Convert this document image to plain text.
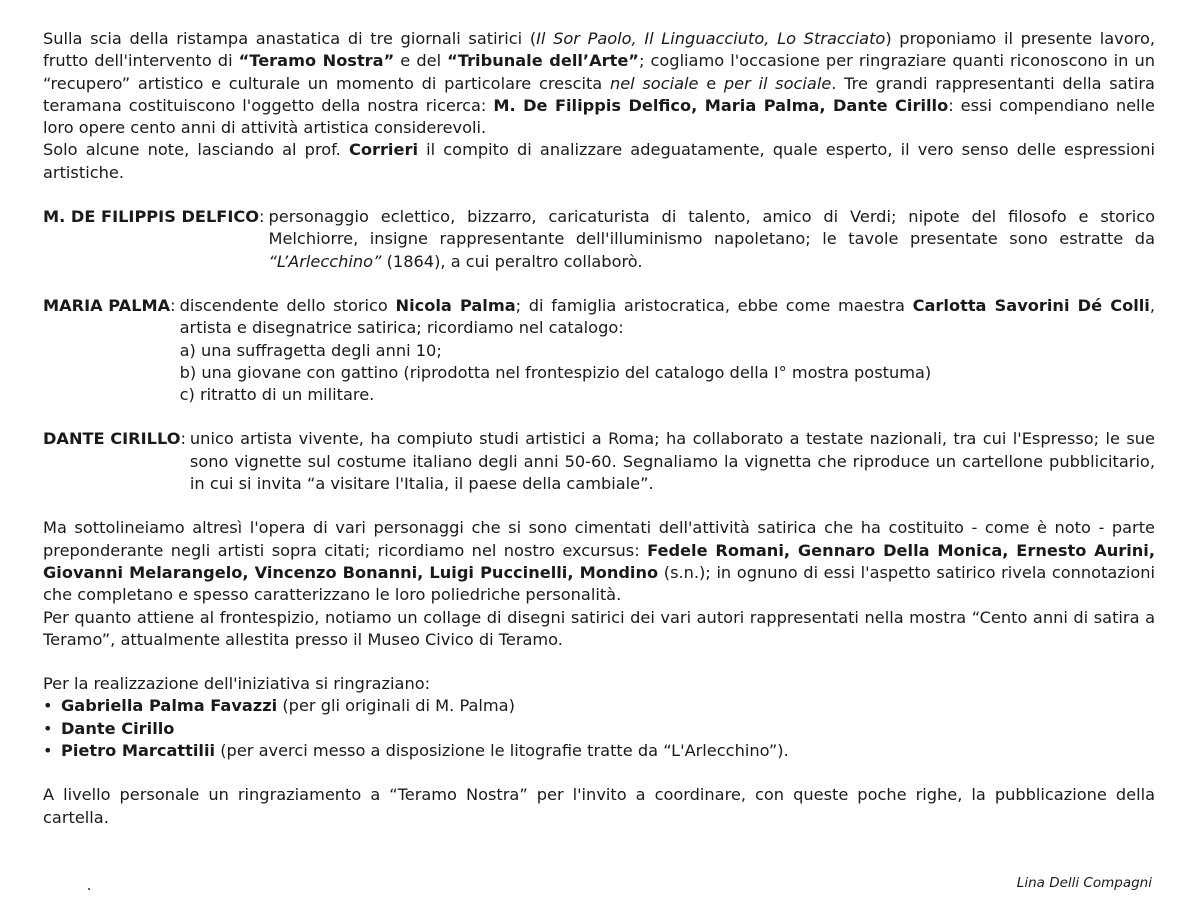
Sulla scia della ristampa anastatica di tre giornali satirici (Il Sor Paolo, Il Linguacciuto, Lo Stracciato) proponiamo il presente lavoro, frutto dell'intervento di “Teramo Nostra” e del “Tribunale dell’Arte”; cogliamo l'occasione per ringraziare quanti riconoscono in un “recupero” artistico e culturale un momento di particolare crescita nel sociale e per il sociale. Tre grandi rappresentanti della satira teramana costituiscono l'oggetto della nostra ricerca: M. De Filippis Delfico, Maria Palma, Dante Cirillo: essi compendiano nelle loro opere cento anni di attività artistica considerevoli.

Solo alcune note, lasciando al prof. Corrieri il compito di analizzare adeguatamente, quale esperto, il vero senso delle espressioni artistiche.

M. DE FILIPPIS DELFICO: personaggio eclettico, bizzarro, caricaturista di talento, amico di Verdi; nipote del filosofo e storico Melchiorre, insigne rappresentante dell'illuminismo napoletano; le tavole presentate sono estratte da “L’Arlecchino” (1864), a cui peraltro collaborò.
MARIA PALMA: discendente dello storico Nicola Palma; di famiglia aristocratica, ebbe come maestra Carlotta Savorini Dé Colli, artista e disegnatrice satirica; ricordiamo nel catalogo:
a) una suffragetta degli anni 10;
b) una giovane con gattino (riprodotta nel frontespizio del catalogo della I° mostra postuma)
c) ritratto di un militare.
DANTE CIRILLO: unico artista vivente, ha compiuto studi artistici a Roma; ha collaborato a testate nazionali, tra cui l'Espresso; le sue sono vignette sul costume italiano degli anni 50-60. Segnaliamo la vignetta che riproduce un cartellone pubblicitario, in cui si invita “a visitare l'Italia, il paese della cambiale”.

Ma sottolineiamo altresì l'opera di vari personaggi che si sono cimentati dell'attività satirica che ha costituito - come è noto - parte preponderante negli artisti sopra citati; ricordiamo nel nostro excursus: Fedele Romani, Gennaro Della Monica, Ernesto Aurini, Giovanni Melarangelo, Vincenzo Bonanni, Luigi Puccinelli, Mondino (s.n.); in ognuno di essi l'aspetto satirico rivela connotazioni che completano e spesso caratterizzano le loro poliedriche personalità.

Per quanto attiene al frontespizio, notiamo un collage di disegni satirici dei vari autori rappresentati nella mostra “Cento anni di satira a Teramo”, attualmente allestita presso il Museo Civico di Teramo.

Per la realizzazione dell'iniziativa si ringraziano:

• Gabriella Palma Favazzi (per gli originali di M. Palma)
• Dante Cirillo
• Pietro Marcattilii (per averci messo a disposizione le litografie tratte da “L'Arlecchino”).

A livello personale un ringraziamento a “Teramo Nostra” per l'invito a coordinare, con queste poche righe, la pubblicazione della cartella.

Lina Delli Compagni
